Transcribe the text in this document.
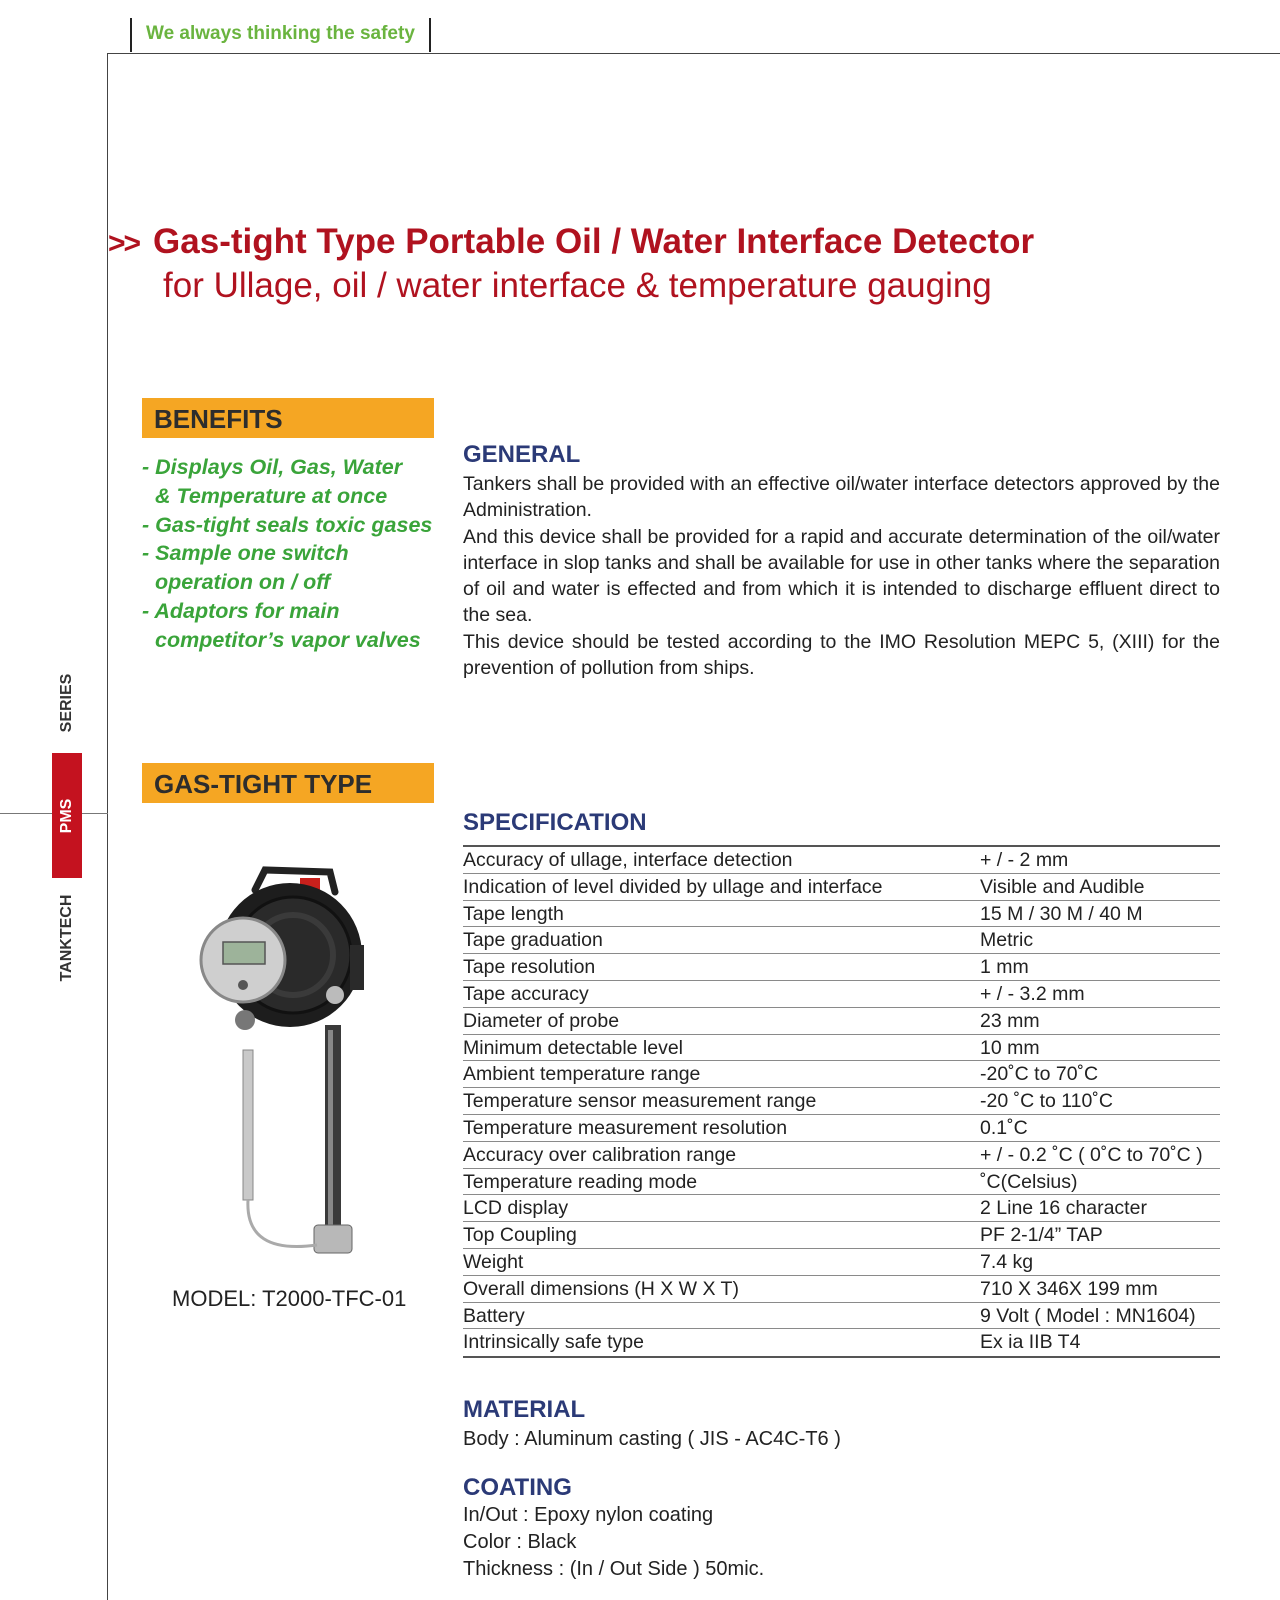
We always thinking the safety
SERIES
PMS
TANKTECH
>> Gas-tight Type Portable Oil / Water Interface Detector
for Ullage, oil / water interface & temperature gauging
BENEFITS

- Displays Oil, Gas, Water

& Temperature at once

- Gas-tight seals toxic gases

- Sample one switch

operation on / off

- Adaptors for main

competitor’s vapor valves

GENERAL

Tankers shall be provided with an effective oil/water interface detectors approved by the Administration.

And this device shall be provided for a rapid and accurate determination of the oil/water interface in slop tanks and shall be available for use in other tanks where the separation of oil and water is effected and from which it is intended to discharge effluent direct to the sea.

This device should be tested according to the IMO Resolution MEPC 5, (XIII) for the prevention of pollution from ships.

GAS-TIGHT TYPE
MODEL: T2000-TFC-01
SPECIFICATION
Accuracy of ullage, interface detection	+ / - 2 mm
Indication of level divided by ullage and interface	Visible and Audible
Tape length	15 M / 30 M / 40 M
Tape graduation	Metric
Tape resolution	1 mm
Tape accuracy	+ / - 3.2 mm
Diameter of probe	23 mm
Minimum detectable level	10 mm
Ambient temperature range	-20˚C to 70˚C
Temperature sensor measurement range	-20 ˚C to 110˚C
Temperature measurement resolution	0.1˚C
Accuracy over calibration range	+ / - 0.2 ˚C ( 0˚C to 70˚C )
Temperature reading mode	˚C(Celsius)
LCD display	2 Line 16 character
Top Coupling	PF 2-1/4” TAP
Weight	7.4 kg
Overall dimensions (H X W X T)	710 X 346X 199 mm
Battery	9 Volt ( Model : MN1604)
Intrinsically safe type	Ex ia IIB T4
MATERIAL
Body : Aluminum casting ( JIS - AC4C-T6 )
COATING
In/Out : Epoxy nylon coating
Color : Black
Thickness : (In / Out Side ) 50mic.
